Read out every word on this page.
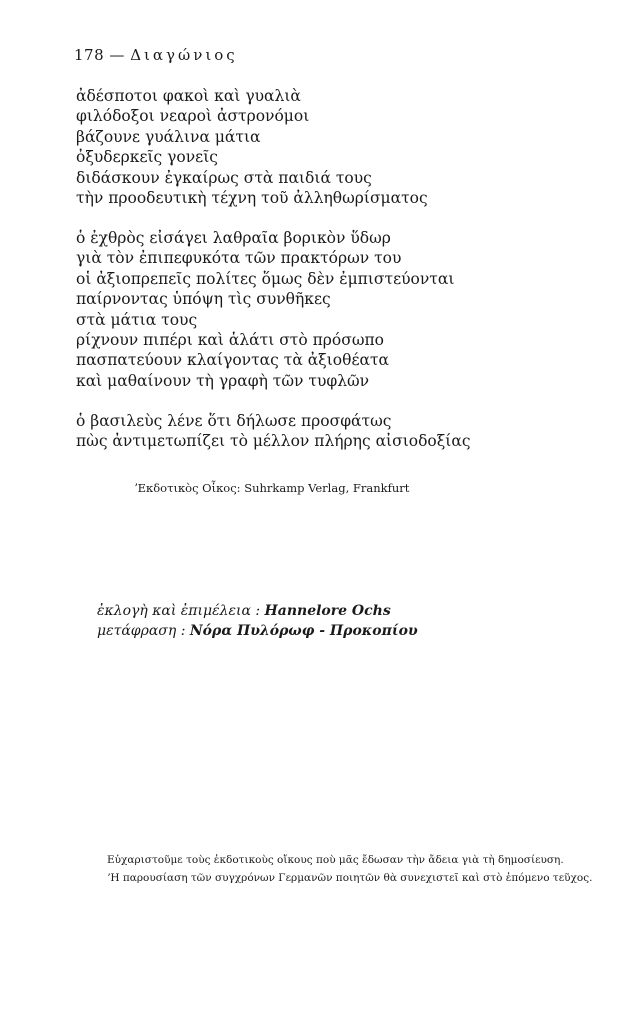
178 — Διαγώνιος
ἀδέσποτοι φακοὶ καὶ γυαλιὰ
φιλόδοξοι νεαροὶ ἀστρονόμοι
βάζουνε γυάλινα μάτια
ὀξυδερκεῖς γονεῖς
διδάσκουν ἐγκαίρως στὰ παιδιά τους
τὴν προοδευτικὴ τέχνη τοῦ ἀλληθωρίσματος
ὁ ἐχθρὸς εἰσάγει λαθραῖα βορικὸν ὕδωρ
γιὰ τὸν ἐπιπεφυκότα τῶν πρακτόρων του
οἱ ἀξιοπρεπεῖς πολίτες ὅμως δὲν ἐμπιστεύονται
παίρνοντας ὑπόψη τὶς συνθῆκες
στὰ μάτια τους
ρίχνουν πιπέρι καὶ ἁλάτι στὸ πρόσωπο
πασπατεύουν κλαίγοντας τὰ ἀξιοθέατα
καὶ μαθαίνουν τὴ γραφὴ τῶν τυφλῶν
ὁ βασιλεὺς λένε ὅτι δήλωσε προσφάτως
πὼς ἀντιμετωπίζει τὸ μέλλον πλήρης αἰσιοδοξίας
ʼΕκδοτικὸς Οἶκος: Suhrkamp Verlag, Frankfurt
ἐκλογὴ καὶ ἐπιμέλεια : Hannelore Ochs
μετάφραση : Νόρα Πυλόρωφ - Προκοπίου

Εὐχαριστοῦμε τοὺς ἐκδοτικοὺς οἴκους ποὺ μᾶς ἔδωσαν τὴν ἄδεια γιὰ τὴ δημοσίευση.

ʼΗ παρουσίαση τῶν συγχρόνων Γερμανῶν ποιητῶν θὰ συνεχιστεῖ καὶ στὸ ἑπόμενο τεῦχος.
